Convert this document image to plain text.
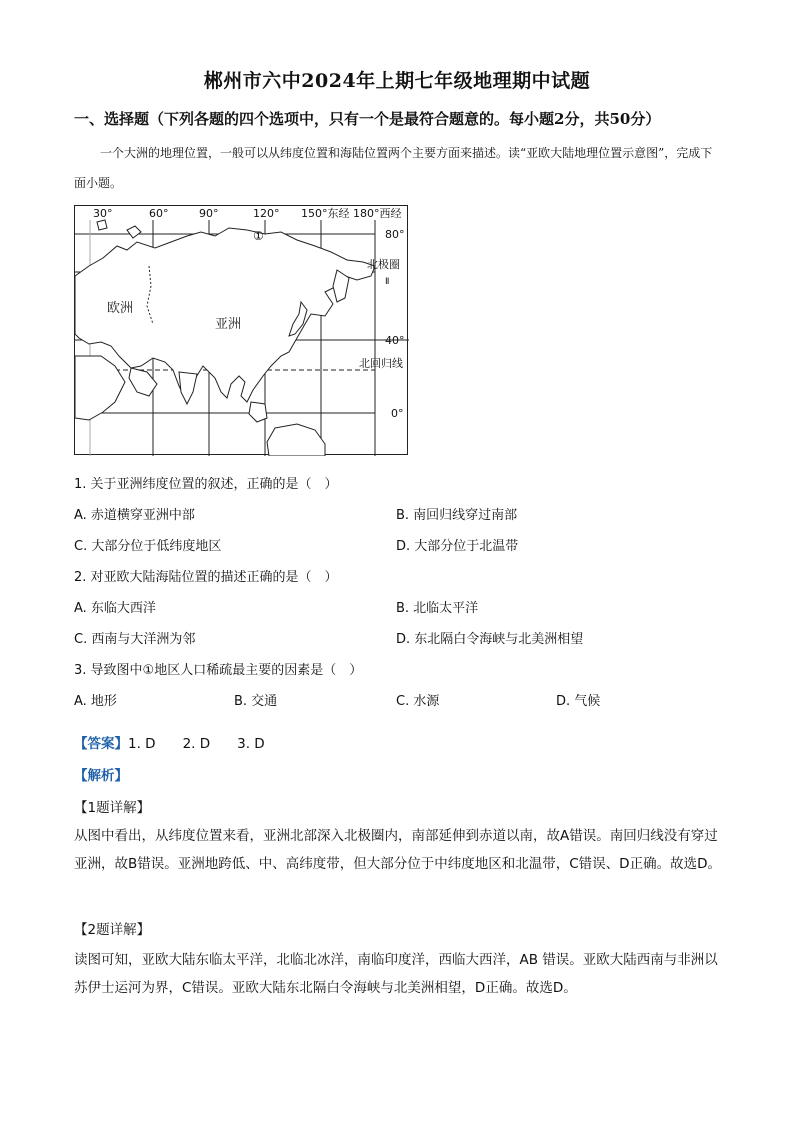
郴州市六中2024年上期七年级地理期中试题
一、选择题（下列各题的四个选项中，只有一个是最符合题意的。每小题2分，共50分）
一个大洲的地理位置，一般可以从纬度位置和海陆位置两个主要方面来描述。读“亚欧大陆地理位置示意图”，完成下面小题。
30°	60°	90°	120° 150°东经 180°西经
80°
40°
0°
北极圈
北回归线
Ⅱ
①
欧洲
亚洲
1. 关于亚洲纬度位置的叙述，正确的是（　）
A. 赤道横穿亚洲中部	B. 南回归线穿过南部
C. 大部分位于低纬度地区	D. 大部分位于北温带
2. 对亚欧大陆海陆位置的描述正确的是（　）
A. 东临大西洋	B. 北临太平洋
C. 西南与大洋洲为邻	D. 东北隔白令海峡与北美洲相望
3. 导致图中①地区人口稀疏最主要的因素是（　）
A. 地形	B. 交通	C. 水源	D. 气候
【答案】1. D　　2. D　　3. D
【解析】
【1题详解】
从图中看出，从纬度位置来看，亚洲北部深入北极圈内，南部延伸到赤道以南，故A错误。南回归线没有穿过亚洲，故B错误。亚洲地跨低、中、高纬度带，但大部分位于中纬度地区和北温带，C错误、D正确。故选D。
【2题详解】
读图可知，亚欧大陆东临太平洋，北临北冰洋，南临印度洋，西临大西洋，AB 错误。亚欧大陆西南与非洲以苏伊士运河为界，C错误。亚欧大陆东北隔白令海峡与北美洲相望，D正确。故选D。
